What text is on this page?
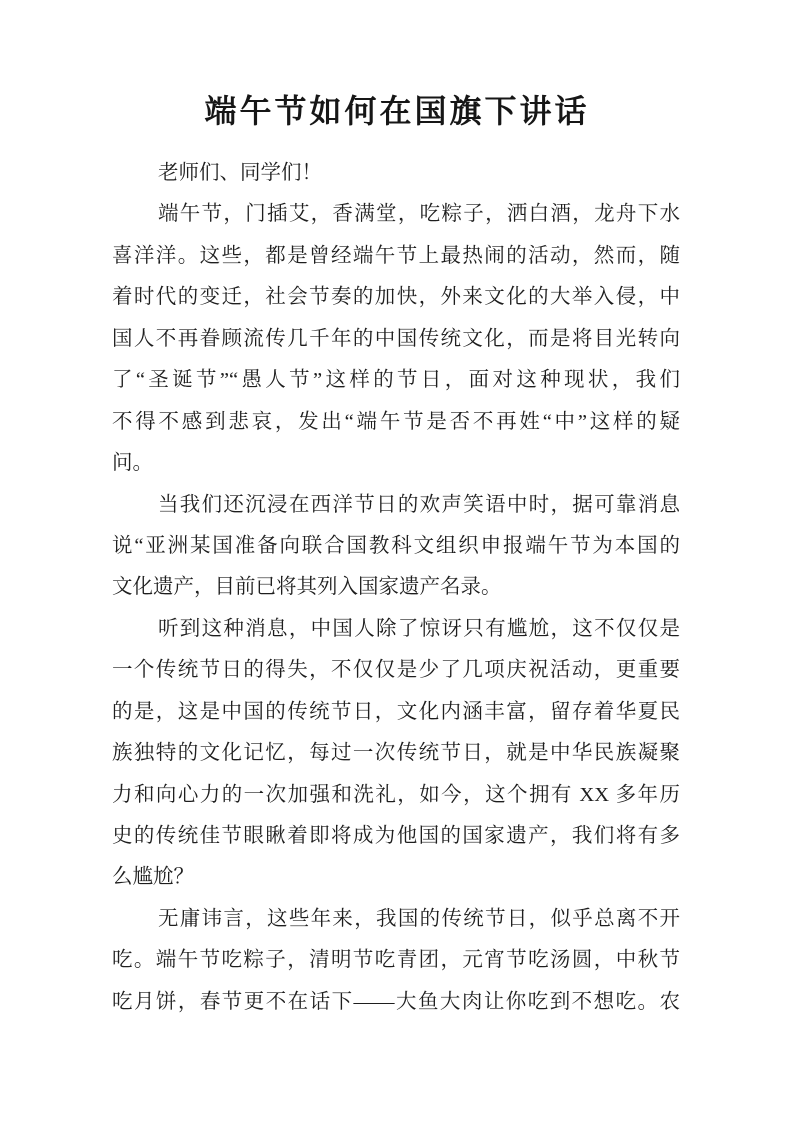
端午节如何在国旗下讲话
老师们、同学们！
端午节，门插艾，香满堂，吃粽子，洒白酒，龙舟下水
喜洋洋。这些，都是曾经端午节上最热闹的活动，然而，随
着时代的变迁，社会节奏的加快，外来文化的大举入侵，中
国人不再眷顾流传几千年的中国传统文化，而是将目光转向
了“圣诞节”“愚人节”这样的节日，面对这种现状，我们
不得不感到悲哀，发出“端午节是否不再姓“中”这样的疑
问。
当我们还沉浸在西洋节日的欢声笑语中时，据可靠消息
说“亚洲某国准备向联合国教科文组织申报端午节为本国的
文化遗产，目前已将其列入国家遗产名录。
听到这种消息，中国人除了惊讶只有尴尬，这不仅仅是
一个传统节日的得失，不仅仅是少了几项庆祝活动，更重要
的是，这是中国的传统节日，文化内涵丰富，留存着华夏民
族独特的文化记忆，每过一次传统节日，就是中华民族凝聚
力和向心力的一次加强和洗礼，如今，这个拥有 XX 多年历
史的传统佳节眼瞅着即将成为他国的国家遗产，我们将有多
么尴尬？
无庸讳言，这些年来，我国的传统节日，似乎总离不开
吃。端午节吃粽子，清明节吃青团，元宵节吃汤圆，中秋节
吃月饼，春节更不在话下——大鱼大肉让你吃到不想吃。农
